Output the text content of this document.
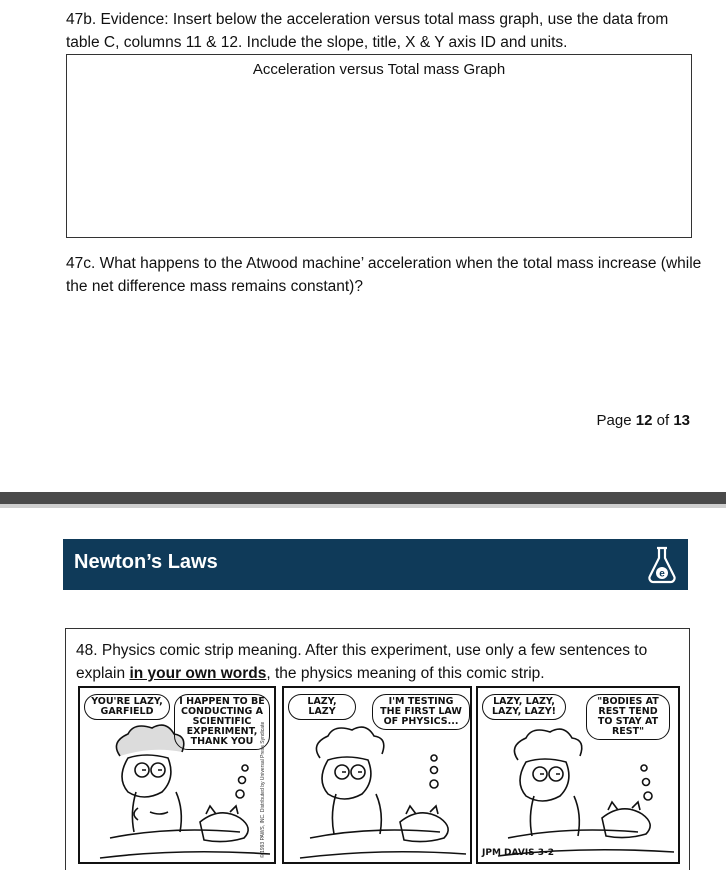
47b. Evidence: Insert below the acceleration versus total mass graph, use the data from table C, columns 11 & 12. Include the slope, title, X & Y axis ID and units.
Acceleration versus Total mass Graph
47c. What happens to the Atwood machine’ acceleration when the total mass increase (while the net difference mass remains constant)?
Page 12 of 13
Newton’s Laws
e
48. Physics comic strip meaning. After this experiment, use only a few sentences to explain in your own words, the physics meaning of this comic strip.
YOU'RE LAZY, GARFIELD
I HAPPEN TO BE CONDUCTING A SCIENTIFIC EXPERIMENT, THANK YOU	© 1993 PAWS, INC. Distributed by Universal Press Syndicate
LAZY, LAZY
I'M TESTING THE FIRST LAW OF PHYSICS...
LAZY, LAZY, LAZY, LAZY!
"BODIES AT REST TEND TO STAY AT REST"
JPM DAVIS 3-2
